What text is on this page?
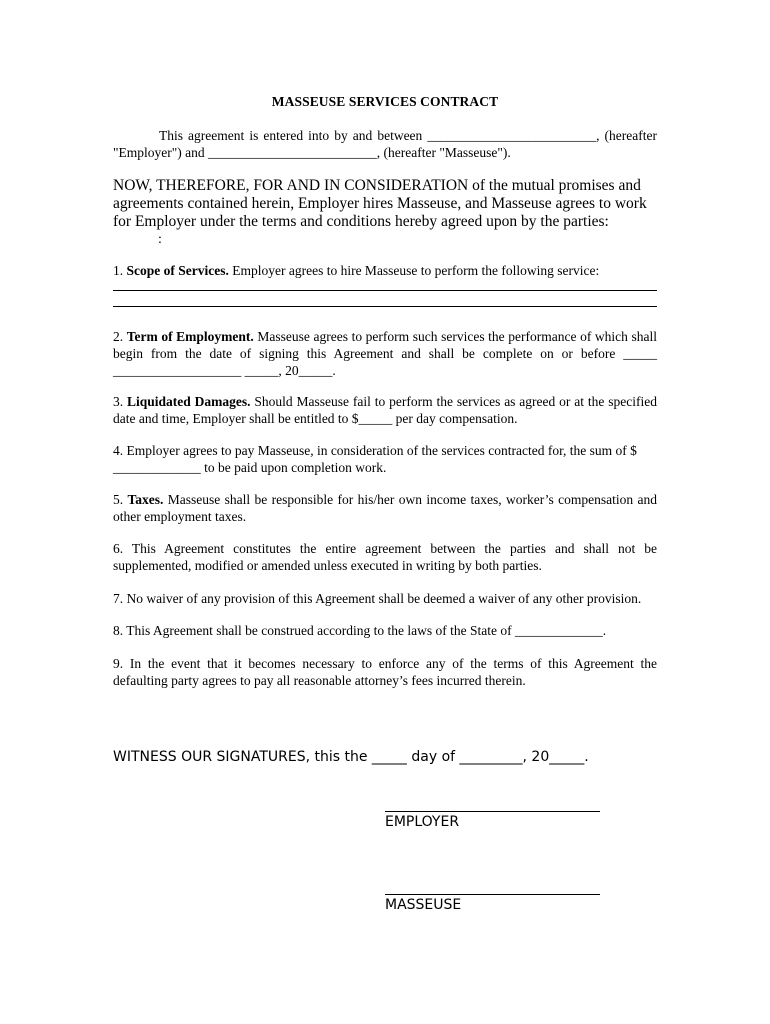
MASSEUSE SERVICES CONTRACT
This agreement is entered into by and between _________________________, (hereafter "Employer") and _________________________, (hereafter "Masseuse").
NOW, THEREFORE, FOR AND IN CONSIDERATION of the mutual promises and agreements contained herein, Employer hires Masseuse, and Masseuse agrees to work for Employer under the terms and conditions hereby agreed upon by the parties:
:
1. Scope of Services. Employer agrees to hire Masseuse to perform the following service:
2. Term of Employment. Masseuse agrees to perform such services the performance of which shall begin from the date of signing this Agreement and shall be complete on or before _____ ___________________ _____, 20_____.
3. Liquidated Damages. Should Masseuse fail to perform the services as agreed or at the specified date and time, Employer shall be entitled to $_____ per day compensation.
4. Employer agrees to pay Masseuse, in consideration of the services contracted for, the sum of $ _____________ to be paid upon completion work.
5. Taxes. Masseuse shall be responsible for his/her own income taxes, worker’s compensation and other employment taxes.
6. This Agreement constitutes the entire agreement between the parties and shall not be supplemented, modified or amended unless executed in writing by both parties.
7. No waiver of any provision of this Agreement shall be deemed a waiver of any other provision.
8. This Agreement shall be construed according to the laws of the State of _____________.
9. In the event that it becomes necessary to enforce any of the terms of this Agreement the defaulting party agrees to pay all reasonable attorney’s fees incurred therein.
WITNESS OUR SIGNATURES, this the _____ day of _________, 20_____.
EMPLOYER
MASSEUSE
